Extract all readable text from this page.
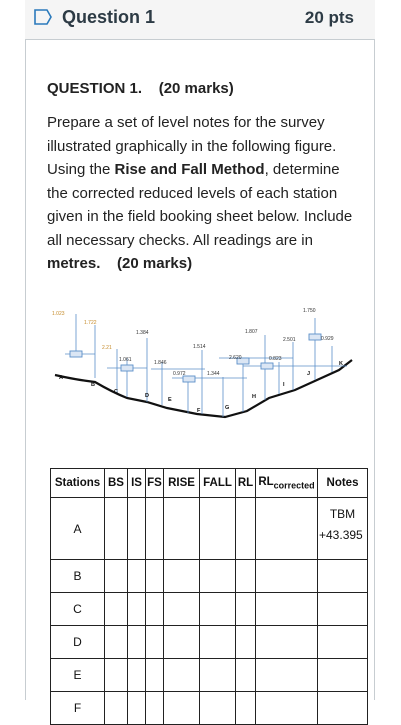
Question 1	20 pts
QUESTION 1. (20 marks)
Prepare a set of level notes for the survey illustrated graphically in the following figure. Using the Rise and Fall Method, determine the corrected reduced levels of each station given in the field booking sheet below. Include all necessary checks. All readings are in metres. (20 marks)
1.023
1.722
2.21
1.384
1.061	1.846
1.514
0.972	1.344
2.620
1.807
0.823
2.501
1.750
0.929
A
B
C
D
E
F	G
H
I
J
K
Stations	BS	IS	FS	RISE	FALL	RL	$RL_{corrected}$	Notes
A								TBM
+43.395

B								
C								
D								
E								
F								
